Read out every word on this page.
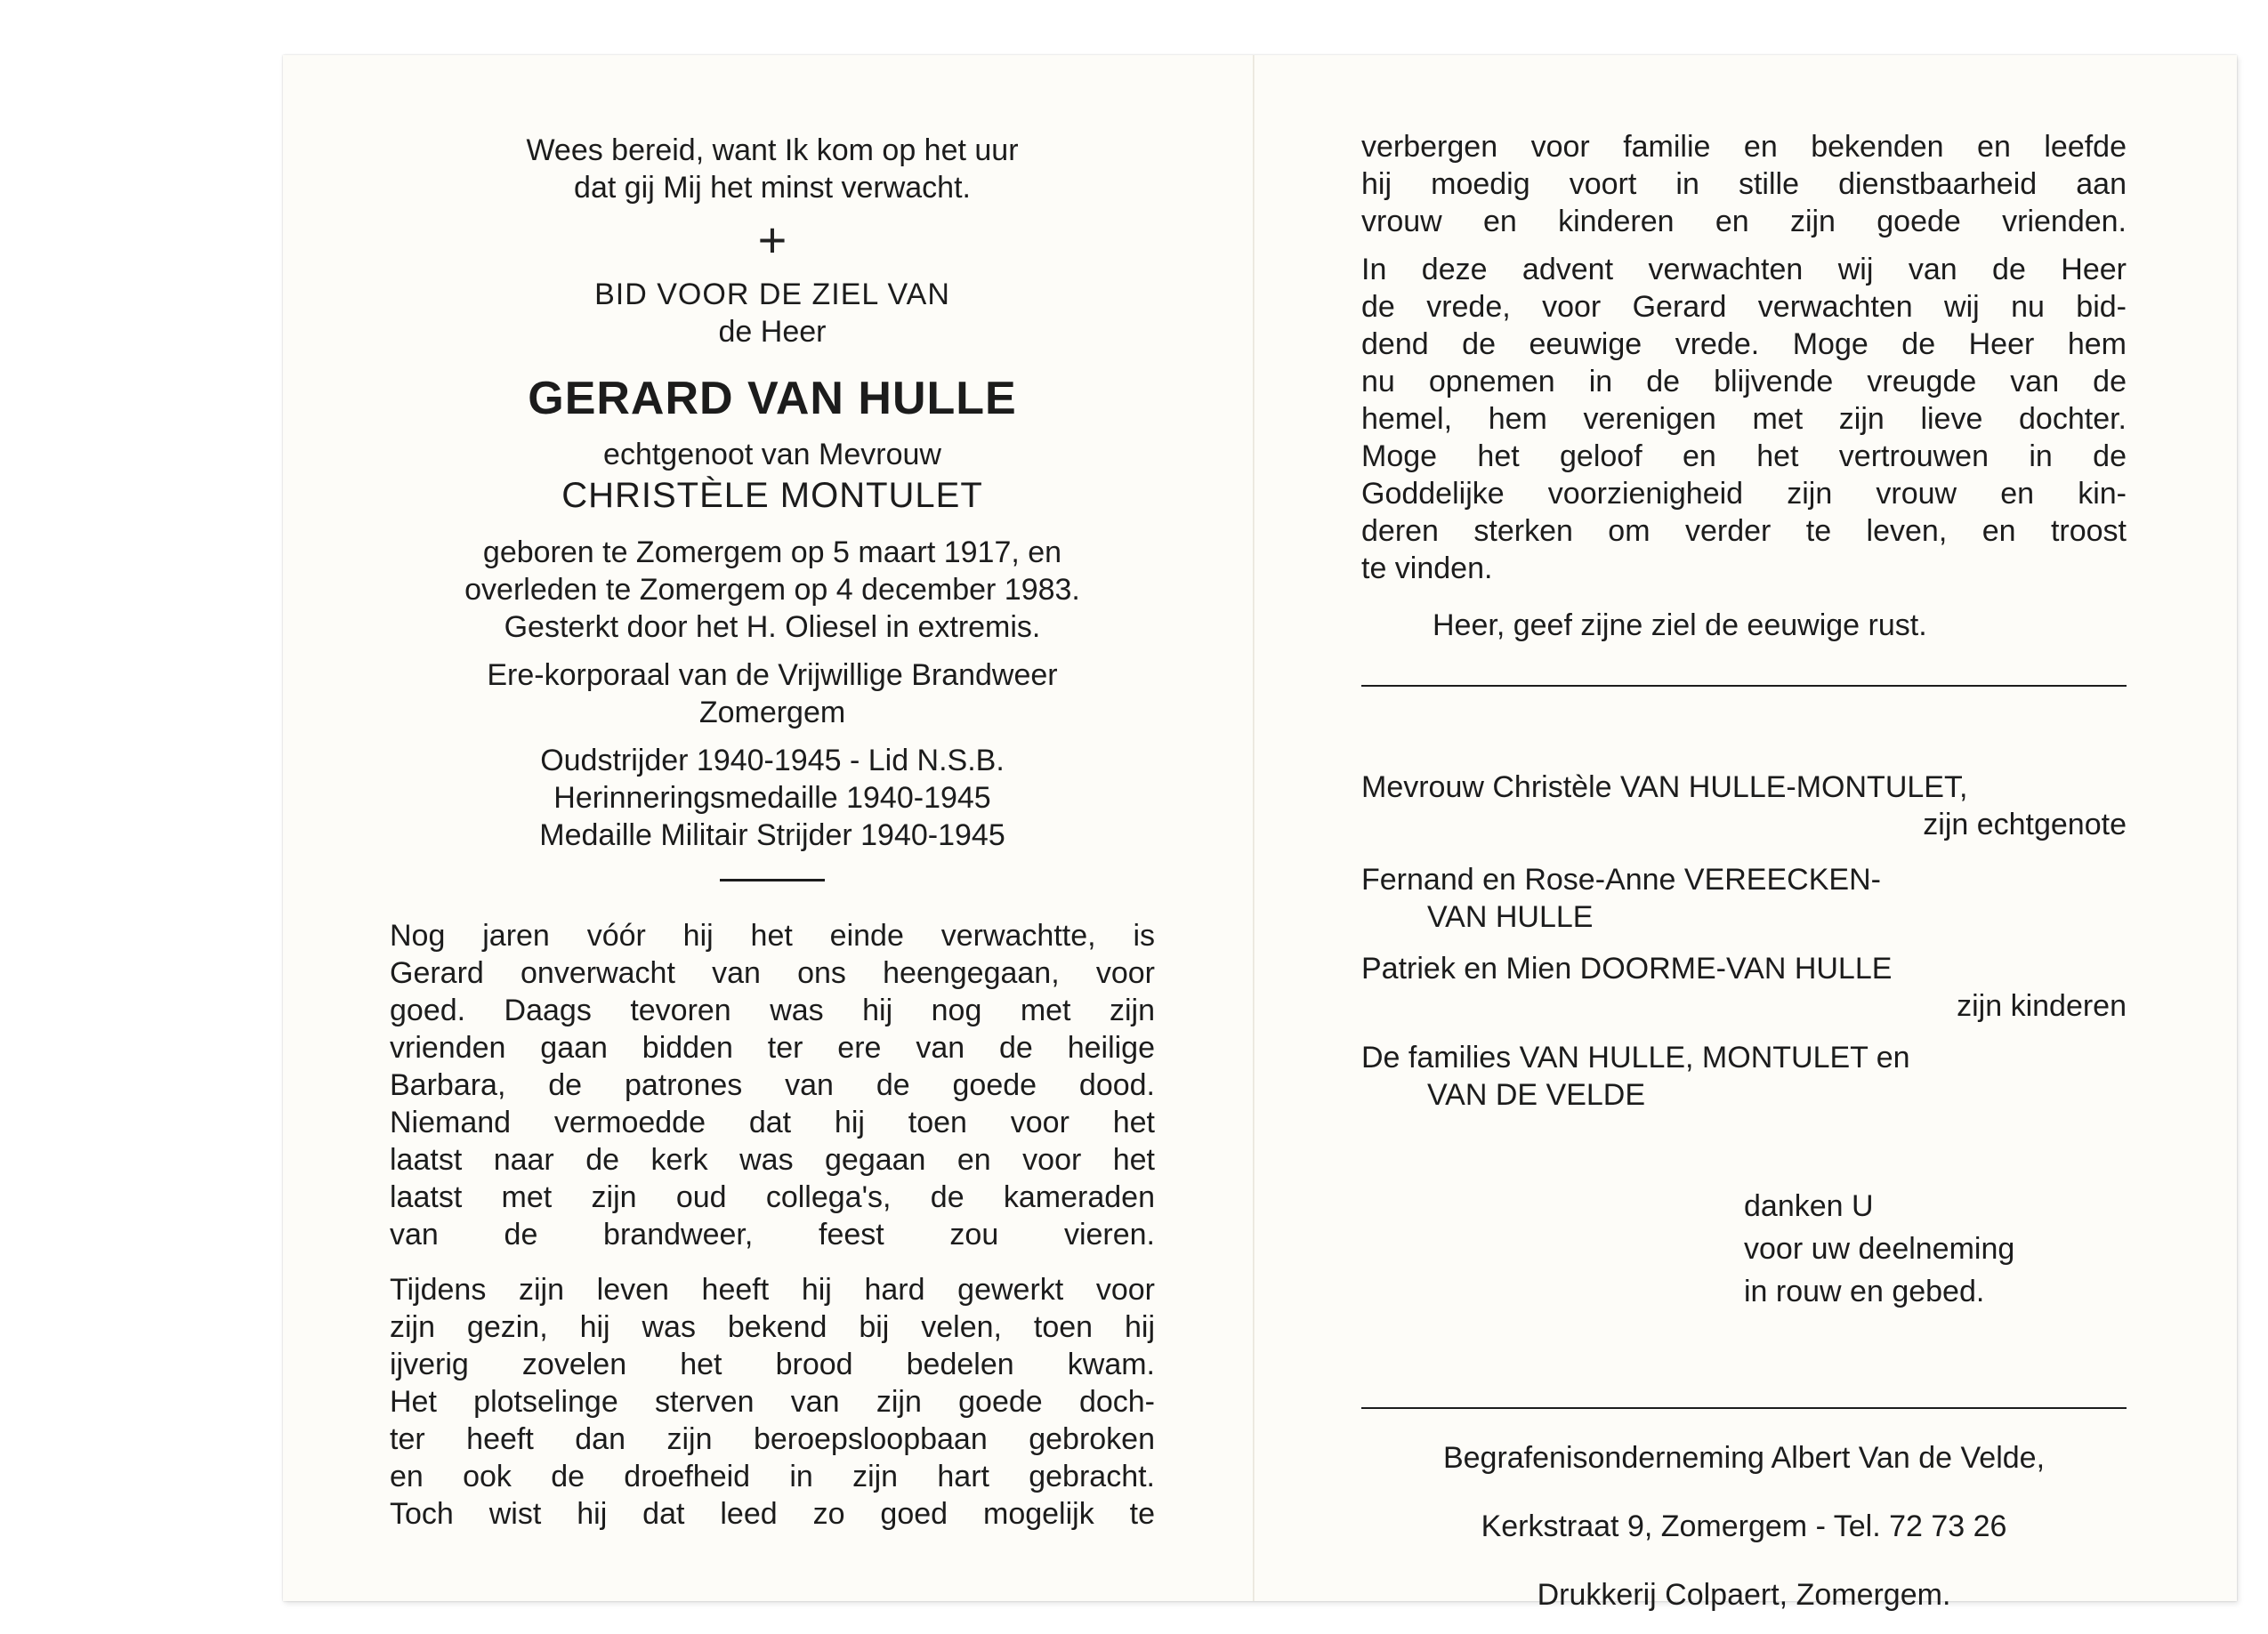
Wees bereid, want Ik kom op het uur

dat gij Mij het minst verwacht.

+

BID VOOR DE ZIEL VAN

de Heer

GERARD VAN HULLE

echtgenoot van Mevrouw

CHRISTÈLE MONTULET

geboren te Zomergem op 5 maart 1917, en

overleden te Zomergem op 4 december 1983.

Gesterkt door het H. Oliesel in extremis.

Ere-korporaal van de Vrijwillige Brandweer

Zomergem

Oudstrijder 1940-1945 - Lid N.S.B.

Herinneringsmedaille 1940-1945

Medaille Militair Strijder 1940-1945

Nog jaren vóór hij het einde verwachtte, is

Gerard onverwacht van ons heengegaan, voor

goed. Daags tevoren was hij nog met zijn

vrienden gaan bidden ter ere van de heilige

Barbara, de patrones van de goede dood.

Niemand vermoedde dat hij toen voor het

laatst naar de kerk was gegaan en voor het

laatst met zijn oud collega's, de kameraden

van de brandweer, feest zou vieren.

Tijdens zijn leven heeft hij hard gewerkt voor

zijn gezin, hij was bekend bij velen, toen hij

ijverig zovelen het brood bedelen kwam.

Het plotselinge sterven van zijn goede doch-

ter heeft dan zijn beroepsloopbaan gebroken

en ook de droefheid in zijn hart gebracht.

Toch wist hij dat leed zo goed mogelijk te

verbergen voor familie en bekenden en leefde

hij moedig voort in stille dienstbaarheid aan

vrouw en kinderen en zijn goede vrienden.

In deze advent verwachten wij van de Heer

de vrede, voor Gerard verwachten wij nu bid-

dend de eeuwige vrede. Moge de Heer hem

nu opnemen in de blijvende vreugde van de

hemel, hem verenigen met zijn lieve dochter.

Moge het geloof en het vertrouwen in de

Goddelijke voorzienigheid zijn vrouw en kin-

deren sterken om verder te leven, en troost

te vinden.

Heer, geef zijne ziel de eeuwige rust.

Mevrouw Christèle VAN HULLE-MONTULET,

zijn echtgenote

Fernand en Rose-Anne VEREECKEN-

VAN HULLE

Patriek en Mien DOORME-VAN HULLE

zijn kinderen

De families VAN HULLE, MONTULET en

VAN DE VELDE

danken U
voor uw deelneming
in rouw en gebed.

Begrafenisonderneming Albert Van de Velde,

Kerkstraat 9, Zomergem - Tel. 72 73 26

Drukkerij Colpaert, Zomergem.
